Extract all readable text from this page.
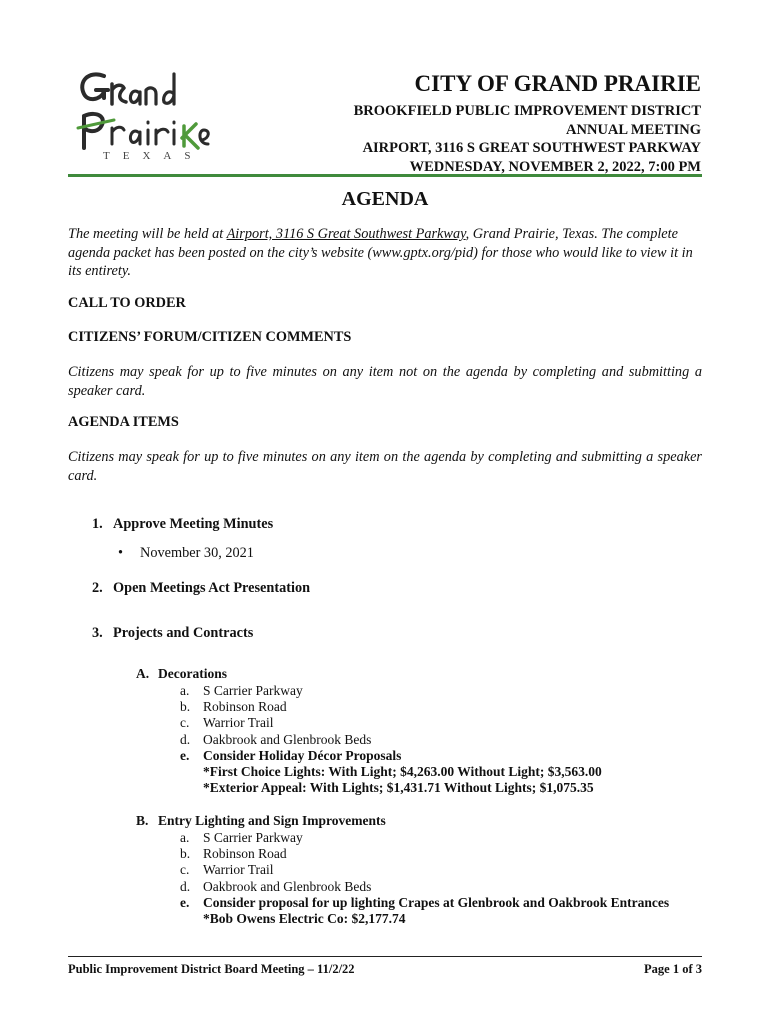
TEXAS
CITY OF GRAND PRAIRIE
BROOKFIELD PUBLIC IMPROVEMENT DISTRICT
ANNUAL MEETING
AIRPORT, 3116 S GREAT SOUTHWEST PARKWAY
WEDNESDAY, NOVEMBER 2, 2022, 7:00 PM
AGENDA
The meeting will be held at Airport, 3116 S Great Southwest Parkway, Grand Prairie, Texas. The complete agenda packet has been posted on the city’s website (www.gptx.org/pid) for those who would like to view it in its entirety.
CALL TO ORDER
CITIZENS’ FORUM/CITIZEN COMMENTS
Citizens may speak for up to five minutes on any item not on the agenda by completing and submitting a speaker card.
AGENDA ITEMS
Citizens may speak for up to five minutes on any item on the agenda by completing and submitting a speaker card.
1. Approve Meeting Minutes
• November 30, 2021
2. Open Meetings Act Presentation
3. Projects and Contracts
A. Decorations
a. S Carrier Parkway
b. Robinson Road
c. Warrior Trail
d. Oakbrook and Glenbrook Beds
e. Consider Holiday Décor Proposals
*First Choice Lights: With Light; $4,263.00 Without Light; $3,563.00
*Exterior Appeal: With Lights; $1,431.71 Without Lights; $1,075.35
B. Entry Lighting and Sign Improvements
a. S Carrier Parkway
b. Robinson Road
c. Warrior Trail
d. Oakbrook and Glenbrook Beds
e. Consider proposal for up lighting Crapes at Glenbrook and Oakbrook Entrances
*Bob Owens Electric Co: $2,177.74
Public Improvement District Board Meeting – 11/2/22	Page 1 of 3
